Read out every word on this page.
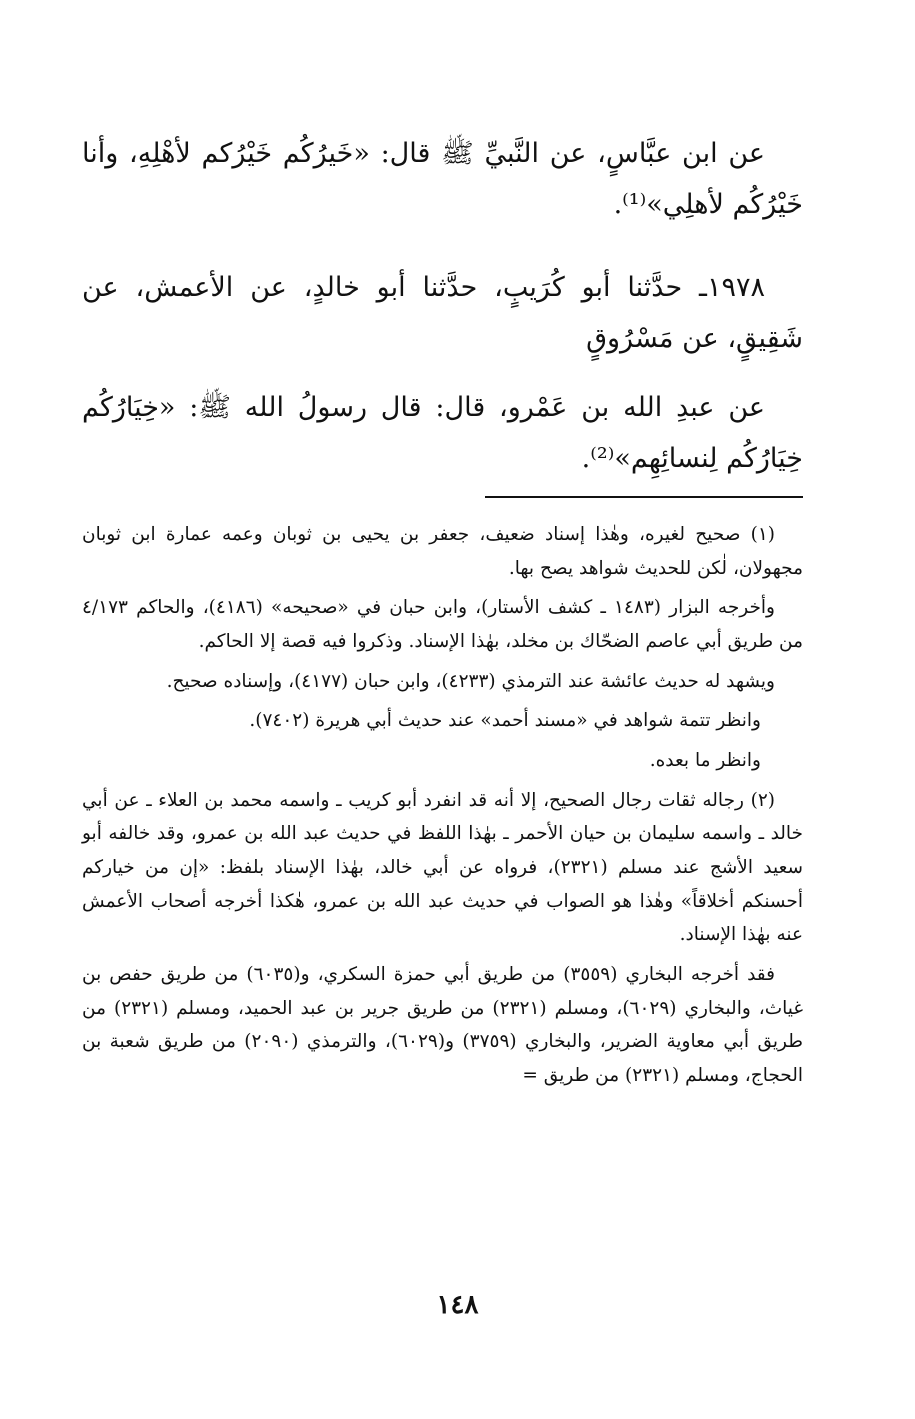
عن ابن عبَّاسٍ، عن النَّبيِّ ﷺ قال: «خَيرُكُم خَيْرُكم لأهْلِهِ، وأنا خَيْرُكُم لأهلِي»⁽¹⁾.

١٩٧٨ـ حدَّثنا أبو كُرَيبٍ، حدَّثنا أبو خالدٍ، عن الأعمش، عن شَقِيقٍ، عن مَسْرُوقٍ

عن عبدِ الله بن عَمْرو، قال: قال رسولُ الله ﷺ: «خِيَارُكُم خِيَارُكُم لِنسائِهِم»⁽²⁾.

(١) صحيح لغيره، وهٰذا إسناد ضعيف، جعفر بن يحيى بن ثوبان وعمه عمارة ابن ثوبان مجهولان، لٰكن للحديث شواهد يصح بها.

وأخرجه البزار (١٤٨٣ ـ كشف الأستار)، وابن حبان في «صحيحه» (٤١٨٦)، والحاكم ٤/١٧٣ من طريق أبي عاصم الضحّاك بن مخلد، بهٰذا الإسناد. وذكروا فيه قصة إلا الحاكم.

ويشهد له حديث عائشة عند الترمذي (٤٢٣٣)، وابن حبان (٤١٧٧)، وإسناده صحيح.

وانظر تتمة شواهد في «مسند أحمد» عند حديث أبي هريرة (٧٤٠٢).

وانظر ما بعده.

(٢) رجاله ثقات رجال الصحيح، إلا أنه قد انفرد أبو كريب ـ واسمه محمد بن العلاء ـ عن أبي خالد ـ واسمه سليمان بن حيان الأحمر ـ بهٰذا اللفظ في حديث عبد الله بن عمرو، وقد خالفه أبو سعيد الأشج عند مسلم (٢٣٢١)، فرواه عن أبي خالد، بهٰذا الإسناد بلفظ: «إن من خياركم أحسنكم أخلاقاً» وهٰذا هو الصواب في حديث عبد الله بن عمرو، هٰكذا أخرجه أصحاب الأعمش عنه بهٰذا الإسناد.

فقد أخرجه البخاري (٣٥٥٩) من طريق أبي حمزة السكري، و(٦٠٣٥) من طريق حفص بن غياث، والبخاري (٦٠٢٩)، ومسلم (٢٣٢١) من طريق جرير بن عبد الحميد، ومسلم (٢٣٢١) من طريق أبي معاوية الضرير، والبخاري (٣٧٥٩) و(٦٠٢٩)، والترمذي (٢٠٩٠) من طريق شعبة بن الحجاج، ومسلم (٢٣٢١) من طريق =

١٤٨
